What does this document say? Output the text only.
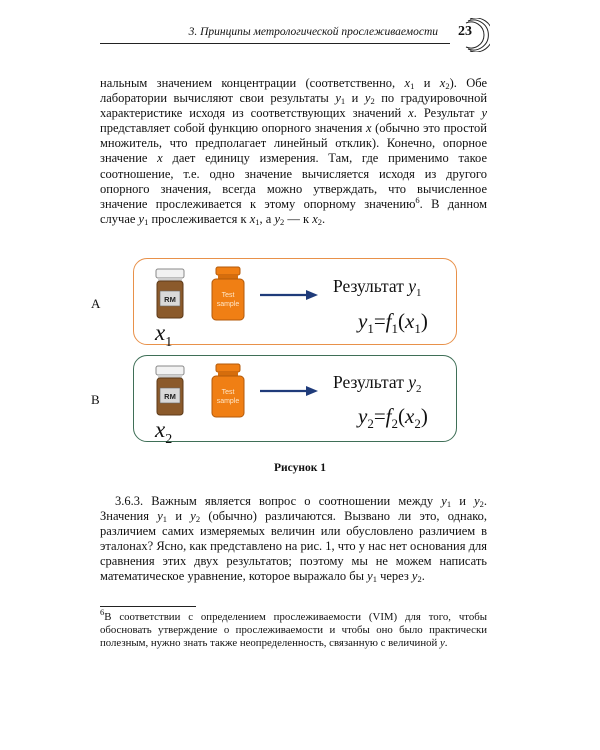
3. Принципы метрологической прослеживаемости 23

нальным значением концентрации (соответственно, $x_1$ и $x_2$). Обе лаборатории вычисляют свои результаты $y_1$ и $y_2$ по градуировочной характеристике исходя из соответствующих значений x. Результат y представляет собой функцию опорного значения x (обычно это простой множитель, что предполагает линейный отклик). Конечно, опорное значение x дает единицу измерения. Там, где применимо такое соотношение, т.е. одно значение вычисляется исходя из другого опорного значения, всегда можно утверждать, что вычисленное значение прослеживается к этому опорному значению$^6$. В данном случае $y_1$ прослеживается к $x_1$, а $y_2$ — к $x_2$.

A	RM	Test
sample
$x_1$
Результат $y_1$
$y_1=f_1(x_1)$
B	RM	Test
sample
$x_2$
Результат $y_2$
$y_2=f_2(x_2)$
Рисунок 1

3.6.3. Важным является вопрос о соотношении между $y_1$ и $y_2$. Значения $y_1$ и $y_2$ (обычно) различаются. Вызвано ли это, однако, различием самих измеряемых величин или обусловлено различием в эталонах? Ясно, как представлено на рис. 1, что у нас нет основания для сравнения этих двух результатов; поэтому мы не можем написать математическое уравнение, которое выражало бы $y_1$ через $y_2$.

$^6$В соответствии с определением прослеживаемости (VIM) для того, чтобы обосновать утверждение о прослеживаемости и чтобы оно было практически полезным, нужно знать также неопределенность, связанную с величиной y.
